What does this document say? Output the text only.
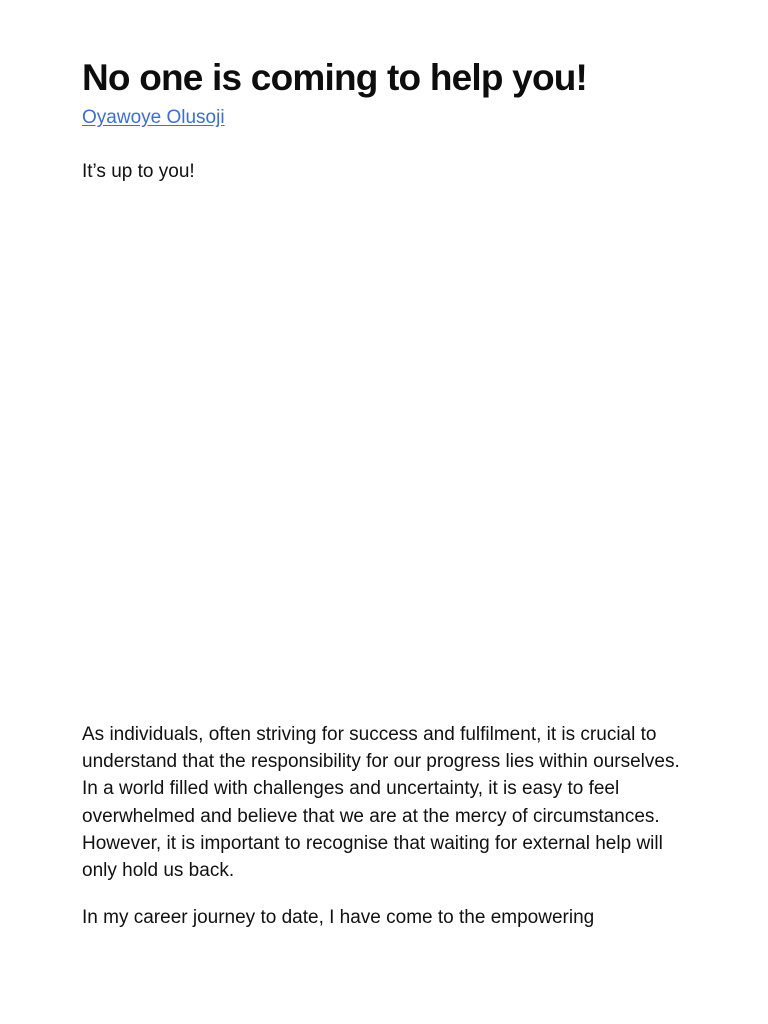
No one is coming to help you!
Oyawoye Olusoji

It’s up to you!

As individuals, often striving for success and fulfilment, it is crucial to understand that the responsibility for our progress lies within ourselves. In a world filled with challenges and uncertainty, it is easy to feel overwhelmed and believe that we are at the mercy of circumstances. However, it is important to recognise that waiting for external help will only hold us back.

In my career journey to date, I have come to the empowering
